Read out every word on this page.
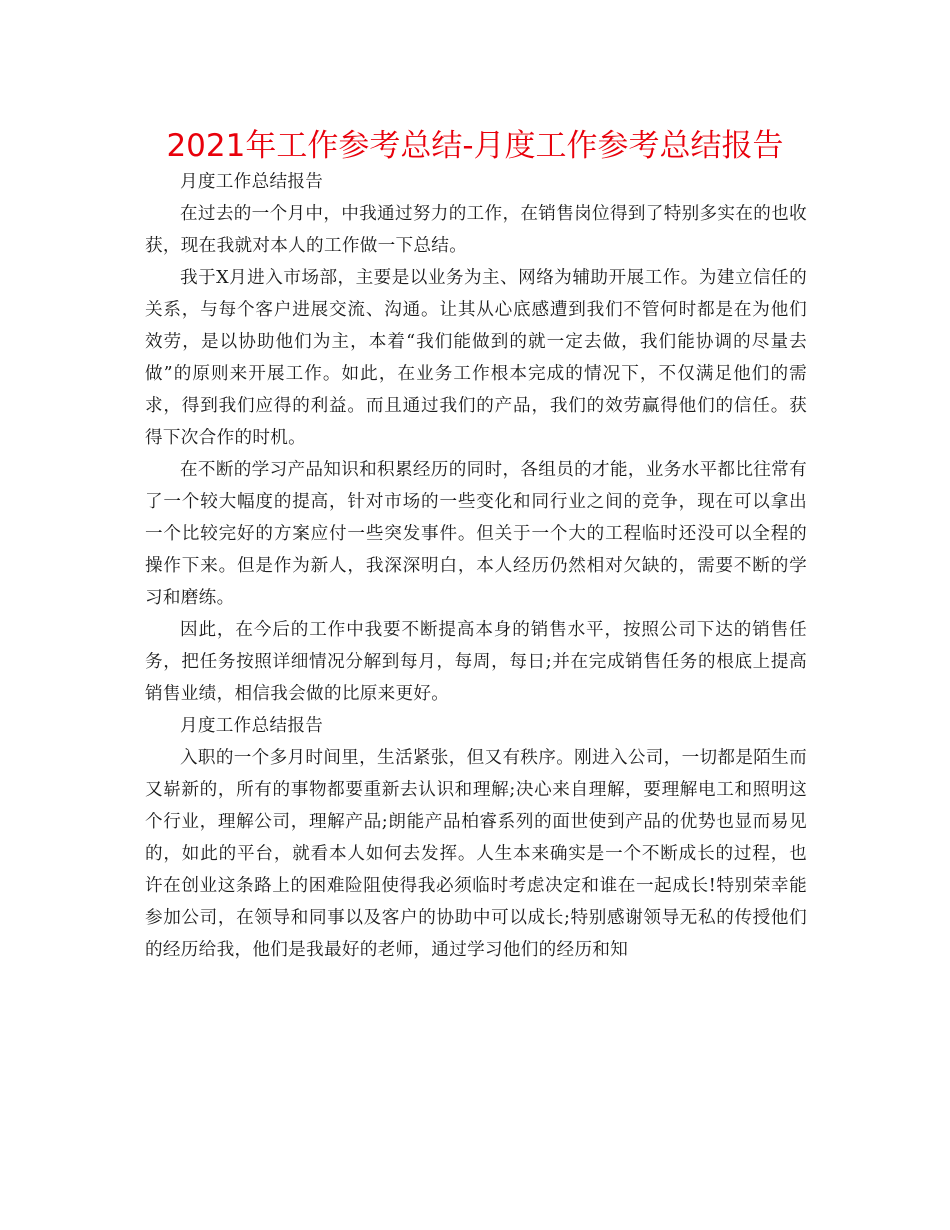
2021年工作参考总结-月度工作参考总结报告

月度工作总结报告

在过去的一个月中，中我通过努力的工作，在销售岗位得到了特别多实在的也收获，现在我就对本人的工作做一下总结。

我于X月进入市场部，主要是以业务为主、网络为辅助开展工作。为建立信任的关系，与每个客户进展交流、沟通。让其从心底感遭到我们不管何时都是在为他们效劳，是以协助他们为主，本着“我们能做到的就一定去做，我们能协调的尽量去做”的原则来开展工作。如此，在业务工作根本完成的情况下，不仅满足他们的需求，得到我们应得的利益。而且通过我们的产品，我们的效劳赢得他们的信任。获得下次合作的时机。

在不断的学习产品知识和积累经历的同时，各组员的才能，业务水平都比往常有了一个较大幅度的提高，针对市场的一些变化和同行业之间的竞争，现在可以拿出一个比较完好的方案应付一些突发事件。但关于一个大的工程临时还没可以全程的操作下来。但是作为新人，我深深明白，本人经历仍然相对欠缺的，需要不断的学习和磨练。

因此，在今后的工作中我要不断提高本身的销售水平，按照公司下达的销售任务，把任务按照详细情况分解到每月，每周，每日;并在完成销售任务的根底上提高销售业绩，相信我会做的比原来更好。

月度工作总结报告

入职的一个多月时间里，生活紧张，但又有秩序。刚进入公司，一切都是陌生而又崭新的，所有的事物都要重新去认识和理解;决心来自理解，要理解电工和照明这个行业，理解公司，理解产品;朗能产品柏睿系列的面世使到产品的优势也显而易见的，如此的平台，就看本人如何去发挥。人生本来确实是一个不断成长的过程，也许在创业这条路上的困难险阻使得我必须临时考虑决定和谁在一起成长!特别荣幸能参加公司，在领导和同事以及客户的协助中可以成长;特别感谢领导无私的传授他们的经历给我，他们是我最好的老师，通过学习他们的经历和知
